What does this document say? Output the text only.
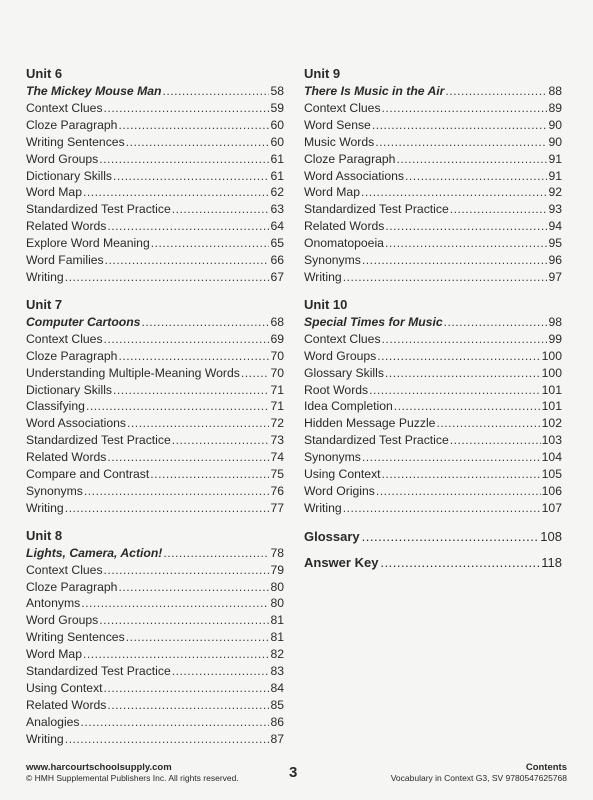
Unit 6
The Mickey Mouse Man .....	58
Context Clues .....	59
Cloze Paragraph .....	60
Writing Sentences .....	60
Word Groups .....	61
Dictionary Skills .....	61
Word Map .....	62
Standardized Test Practice .....	63
Related Words .....	64
Explore Word Meaning .....	65
Word Families .....	66
Writing .....	67
Unit 7
Computer Cartoons .....	68
Context Clues .....	69
Cloze Paragraph .....	70
Understanding Multiple-Meaning Words .....	70
Dictionary Skills .....	71
Classifying .....	71
Word Associations .....	72
Standardized Test Practice .....	73
Related Words .....	74
Compare and Contrast .....	75
Synonyms .....	76
Writing .....	77
Unit 8
Lights, Camera, Action! .....	78
Context Clues .....	79
Cloze Paragraph .....	80
Antonyms .....	80
Word Groups .....	81
Writing Sentences .....	81
Word Map .....	82
Standardized Test Practice .....	83
Using Context .....	84
Related Words .....	85
Analogies .....	86
Writing .....	87
Unit 9
There Is Music in the Air .....	88
Context Clues .....	89
Word Sense .....	90
Music Words .....	90
Cloze Paragraph .....	91
Word Associations .....	91
Word Map .....	92
Standardized Test Practice .....	93
Related Words .....	94
Onomatopoeia .....	95
Synonyms .....	96
Writing .....	97
Unit 10
Special Times for Music .....	98
Context Clues .....	99
Word Groups .....	100
Glossary Skills .....	100
Root Words .....	101
Idea Completion .....	101
Hidden Message Puzzle .....	102
Standardized Test Practice .....	103
Synonyms .....	104
Using Context .....	105
Word Origins .....	106
Writing .....	107
Glossary .....	108
Answer Key .....	118
www.harcourtschoolsupply.com
© HMH Supplemental Publishers Inc. All rights reserved.	3	Contents
Vocabulary in Context G3, SV 9780547625768
